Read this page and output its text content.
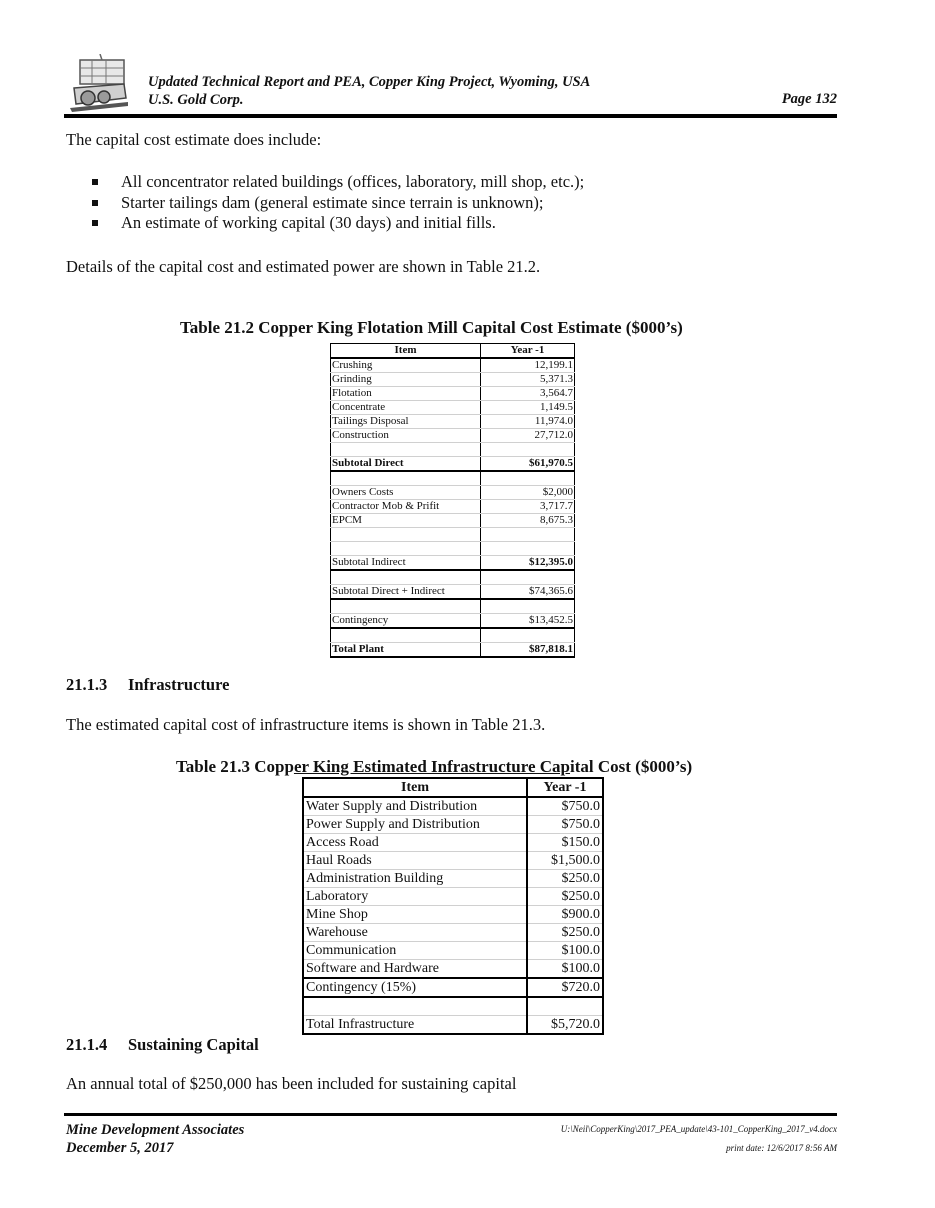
Updated Technical Report and PEA, Copper King Project, Wyoming, USA
U.S. Gold Corp.	Page 132
The capital cost estimate does include:
All concentrator related buildings (offices, laboratory, mill shop, etc.);
Starter tailings dam (general estimate since terrain is unknown);
An estimate of working capital (30 days) and initial fills.
Details of the capital cost and estimated power are shown in Table 21.2.
Table 21.2 Copper King Flotation Mill Capital Cost Estimate ($000’s)
Item	Year -1
Crushing	12,199.1
Grinding	5,371.3
Flotation	3,564.7
Concentrate	1,149.5
Tailings Disposal	11,974.0
Construction	27,712.0

Subtotal Direct	$61,970.5

Owners Costs	$2,000
Contractor Mob & Prifit	3,717.7
EPCM	8,675.3

Subtotal Indirect	$12,395.0

Subtotal Direct + Indirect	$74,365.6

Contingency	$13,452.5

Total Plant	$87,818.1
21.1.3 Infrastructure
The estimated capital cost of infrastructure items is shown in Table 21.3.
Table 21.3 Copper King Estimated Infrastructure Capital Cost ($000’s)
Item	Year -1
Water Supply and Distribution	$750.0
Power Supply and Distribution	$750.0
Access Road	$150.0
Haul Roads	$1,500.0
Administration Building	$250.0
Laboratory	$250.0
Mine Shop	$900.0
Warehouse	$250.0
Communication	$100.0
Software and Hardware	$100.0
Contingency (15%)	$720.0

Total Infrastructure	$5,720.0
21.1.4 Sustaining Capital
An annual total of $250,000 has been included for sustaining capital
Mine Development Associates
December 5, 2017
U:\Neil\CopperKing\2017_PEA_update\43-101_CopperKing_2017_v4.docx
print date: 12/6/2017 8:56 AM
